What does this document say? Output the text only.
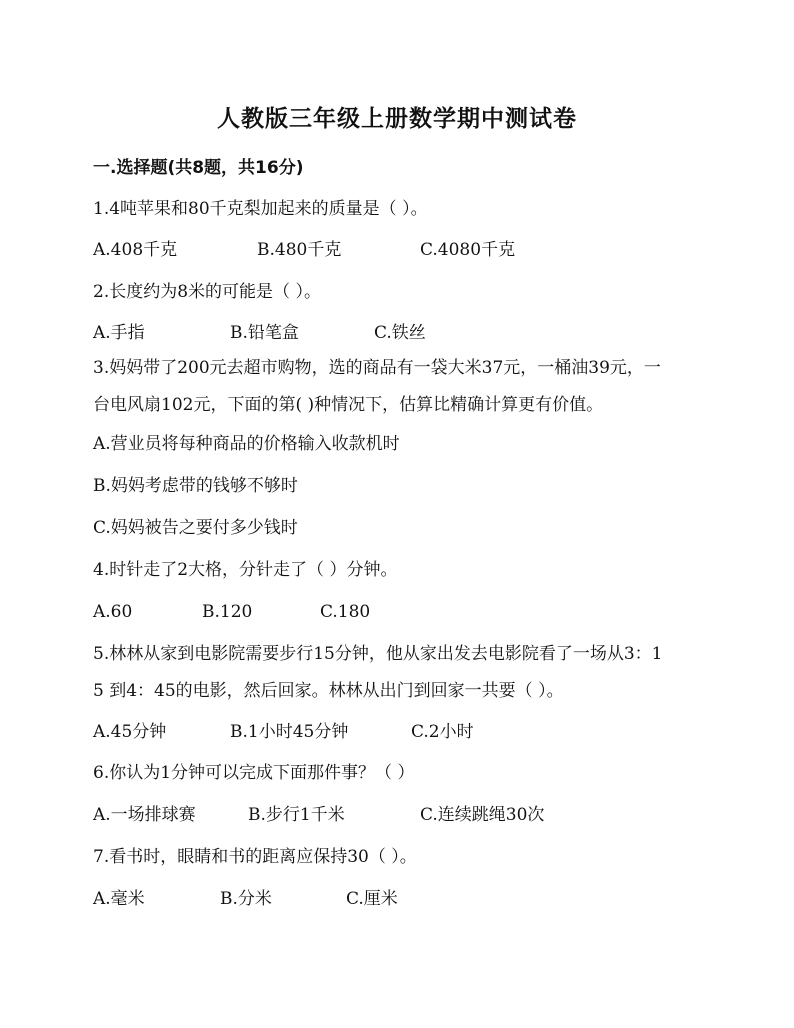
人教版三年级上册数学期中测试卷
一.选择题(共8题，共16分)
1.4吨苹果和80千克梨加起来的质量是（ ）。
A.408千克	B.480千克	C.4080千克
2.长度约为8米的可能是（ ）。
A.手指	B.铅笔盒	C.铁丝
3.妈妈带了200元去超市购物，选的商品有一袋大米37元，一桶油39元，一
台电风扇102元，下面的第( )种情况下，估算比精确计算更有价值。
A.营业员将每种商品的价格输入收款机时
B.妈妈考虑带的钱够不够时
C.妈妈被告之要付多少钱时
4.时针走了2大格，分针走了（ ）分钟。
A.60	B.120	C.180
5.林林从家到电影院需要步行15分钟，他从家出发去电影院看了一场从3：1
5 到4：45的电影，然后回家。林林从出门到回家一共要（ ）。
A.45分钟	B.1小时45分钟	C.2小时
6.你认为1分钟可以完成下面那件事？（ ）
A.一场排球赛	B.步行1千米	C.连续跳绳30次
7.看书时，眼睛和书的距离应保持30（ ）。
A.毫米	B.分米	C.厘米
